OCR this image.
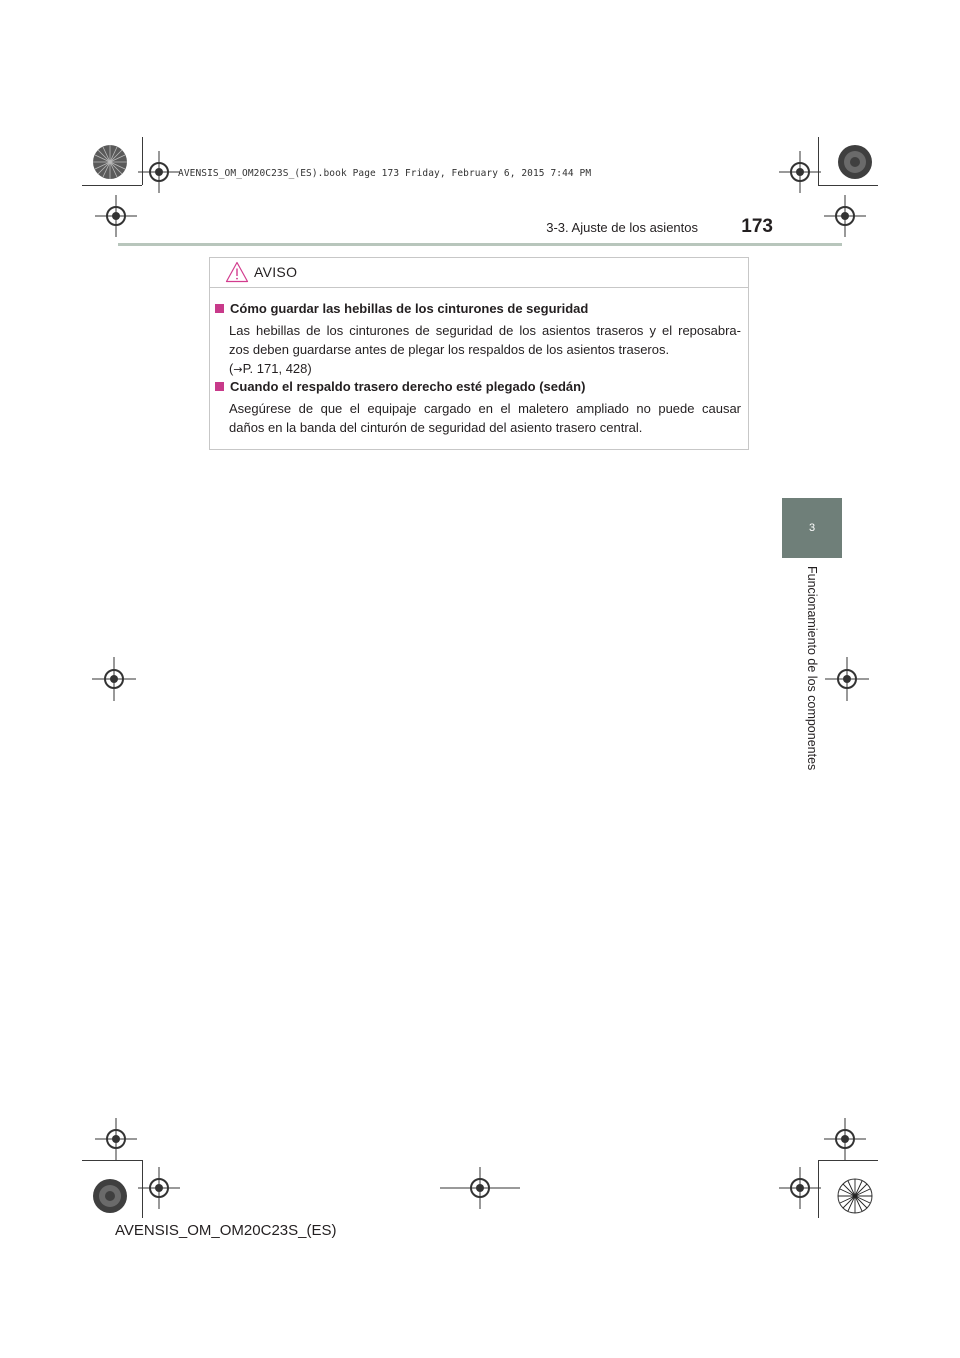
AVENSIS_OM_OM20C23S_(ES).book Page 173 Friday, February 6, 2015 7:44 PM
3-3. Ajuste de los asientos	173
3
Funcionamiento de los componentes
AVISO
Cómo guardar las hebillas de los cinturones de seguridad
Las hebillas de los cinturones de seguridad de los asientos traseros y el reposabra-
zos deben guardarse antes de plegar los respaldos de los asientos traseros.
(→P. 171, 428)
Cuando el respaldo trasero derecho esté plegado (sedán)
Asegúrese de que el equipaje cargado en el maletero ampliado no puede causar
daños en la banda del cinturón de seguridad del asiento trasero central.
AVENSIS_OM_OM20C23S_(ES)
